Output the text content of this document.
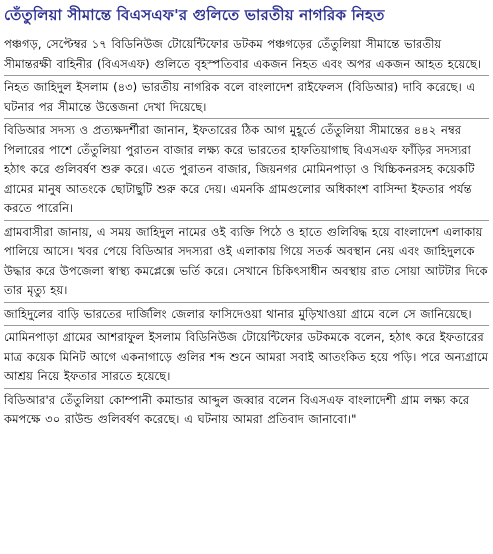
তেঁতুলিয়া সীমান্তে বিএসএফ'র গুলিতে ভারতীয় নাগরিক নিহত

পঞ্চগড়, সেপ্টেম্বর ১৭ বিডিনিউজ টোয়েন্টিফোর ডটকম পঞ্চগড়ের তেঁতুলিয়া সীমান্তে ভারতীয় সীমান্তরক্ষী বাহিনীর (বিএসএফ) গুলিতে বৃহস্পতিবার একজন নিহত এবং অপর একজন আহত হয়েছে।

নিহত জাহিদুল ইসলাম (৪৩) ভারতীয় নাগরিক বলে বাংলাদেশ রাইফেলস (বিডিআর) দাবি করেছে। এ ঘটনার পর সীমান্তে উত্তেজনা দেখা দিয়েছে।

বিডিআর সদস্য ও প্রত্যক্ষদর্শীরা জানান, ইফতারের ঠিক আগ মুহূর্তে তেঁতুলিয়া সীমান্তের ৪৪২ নম্বর পিলারের পাশে তেঁতুলিয়া পুরাতন বাজার লক্ষ্য করে ভারতের হাফতিয়াগাছ বিএসএফ ফাঁড়ির সদস্যরা হঠাৎ করে গুলিবর্ষণ শুরু করে। এতে পুরাতন বাজার, জিয়নগর মোমিনপাড়া ও খিচ্চিকনরসহ কয়েকটি গ্রামের মানুষ আতংকে ছোটাছুটি শুরু করে দেয়। এমনকি গ্রামগুলোর অধিকাংশ বাসিন্দা ইফতার পর্যন্ত করতে পারেনি।

গ্রামবাসীরা জানায়, এ সময় জাহিদুল নামের ওই ব্যক্তি পিঠে ও হাতে গুলিবিদ্ধ হয়ে বাংলাদেশ এলাকায় পালিয়ে আসে। খবর পেয়ে বিডিআর সদস্যরা ওই এলাকায় গিয়ে সতর্ক অবস্থান নেয় এবং জাহিদুলকে উদ্ধার করে উপজেলা স্বাস্থ্য কমপ্লেক্সে ভর্তি করে। সেখানে চিকিৎসাধীন অবস্থায় রাত সোয়া আটটার দিকে তার মৃত্যু হয়।

জাহিদুলের বাড়ি ভারতের দার্জিলিং জেলার ফাসিদেওয়া থানার মুড়িখাওয়া গ্রামে বলে সে জানিয়েছে।

মোমিনপাড়া গ্রামের আশরাফুল ইসলাম বিডিনিউজ টোয়েন্টিফোর ডটকমকে বলেন, হঠাৎ করে ইফতারের মাত্র কয়েক মিনিট আগে একনাগাড়ে গুলির শব্দ শুনে আমরা সবাই আতংকিত হয়ে পড়ি। পরে অন্যগ্রামে আশ্রয় নিয়ে ইফতার সারতে হয়েছে।

বিডিআর'র তেঁতুলিয়া কোম্পানী কমান্ডার আব্দুল জব্বার বলেন বিএসএফ বাংলাদেশী গ্রাম লক্ষ্য করে কমপক্ষে ৩০ রাউন্ড গুলিবর্ষণ করেছে। এ ঘটনায় আমরা প্রতিবাদ জানাবো।"
